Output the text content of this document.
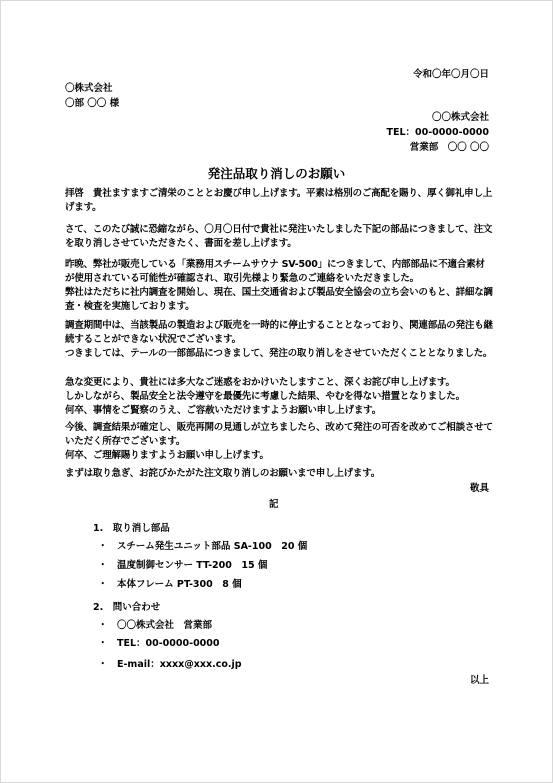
令和〇年〇月〇日
〇株式会社
〇部 〇〇 様
〇〇株式会社
TEL：00-0000-0000
営業部　〇〇 〇〇
発注品取り消しのお願い
拝啓　貴社ますますご清栄のこととお慶び申し上げます。平素は格別のご高配を賜り、厚く御礼申し上げます。
さて、このたび誠に恐縮ながら、〇月〇日付で貴社に発注いたしました下記の部品につきまして、注文を取り消しさせていただきたく、書面を差し上げます。
昨晩、弊社が販売している「業務用スチームサウナ SV-500」につきまして、内部部品に不適合素材が使用されている可能性が確認され、取引先様より緊急のご連絡をいただきました。
弊社はただちに社内調査を開始し、現在、国土交通省および製品安全協会の立ち会いのもと、詳細な調査・検査を実施しております。
調査期間中は、当該製品の製造および販売を一時的に停止することとなっており、関連部品の発注も継続することができない状況でございます。
つきましては、テールの一部部品につきまして、発注の取り消しをさせていただくこととなりました。
急な変更により、貴社には多大なご迷惑をおかけいたしますこと、深くお詫び申し上げます。
しかしながら、製品安全と法令遵守を最優先に考慮した結果、やむを得ない措置となりました。
何卒、事情をご賢察のうえ、ご容赦いただけますようお願い申し上げます。
今後、調査結果が確定し、販売再開の見通しが立ちましたら、改めて発注の可否を改めてご相談させていただく所存でございます。
何卒、ご理解賜りますようお願い申し上げます。
まずは取り急ぎ、お詫びかたがた注文取り消しのお願いまで申し上げます。
敬具
記
1.　取り消し部品
・　スチーム発生ユニット部品 SA-100　20 個
・　温度制御センサー TT-200　15 個
・　本体フレーム PT-300　8 個
2.　問い合わせ
・　〇〇株式会社　営業部
・　TEL：00-0000-0000
・　E-mail：xxxx@xxx.co.jp
以上
